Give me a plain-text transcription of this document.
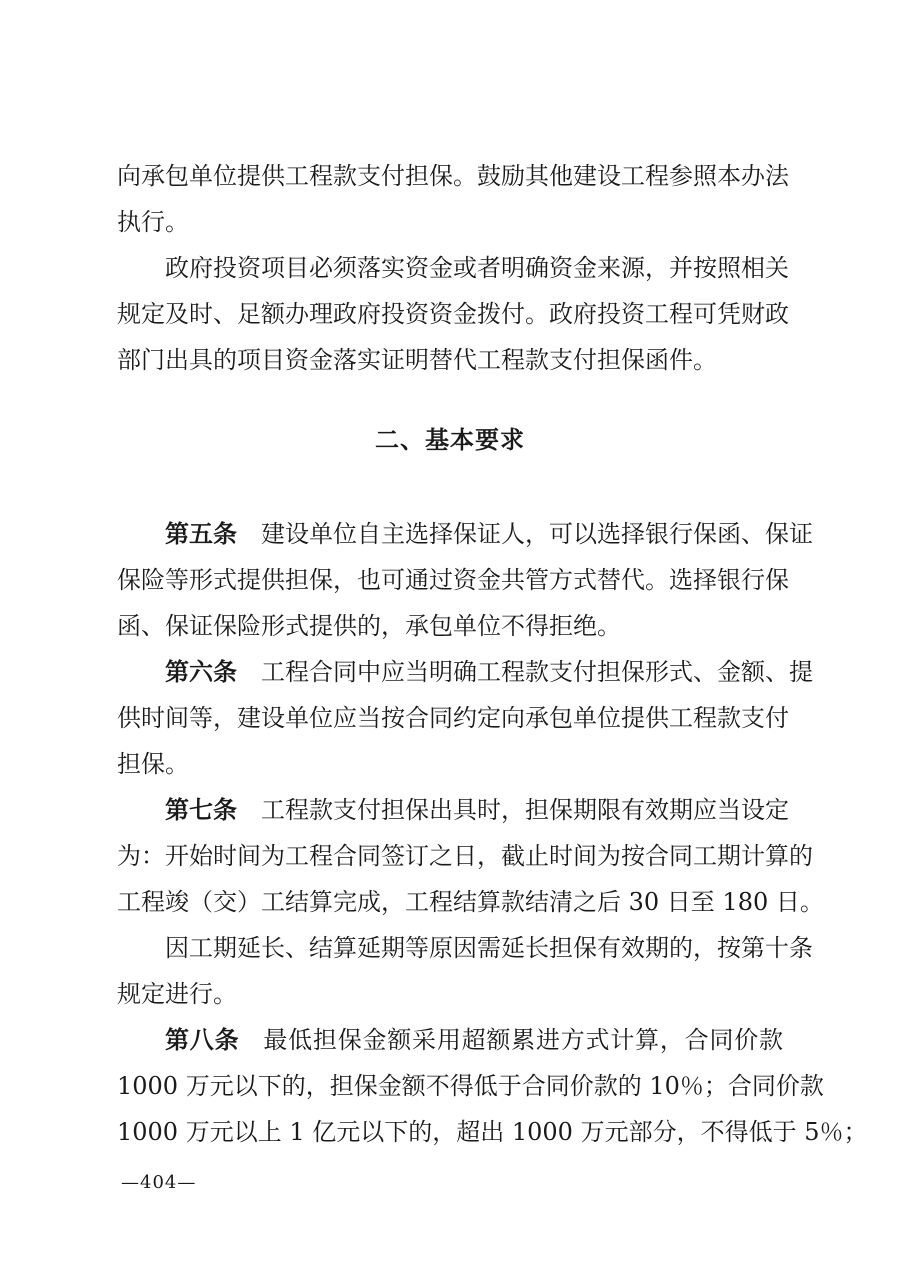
向承包单位提供工程款支付担保。鼓励其他建设工程参照本办法
执行。
政府投资项目必须落实资金或者明确资金来源，并按照相关
规定及时、足额办理政府投资资金拨付。政府投资工程可凭财政
部门出具的项目资金落实证明替代工程款支付担保函件。
二、基本要求
第五条 建设单位自主选择保证人，可以选择银行保函、保证
保险等形式提供担保，也可通过资金共管方式替代。选择银行保
函、保证保险形式提供的，承包单位不得拒绝。
第六条 工程合同中应当明确工程款支付担保形式、金额、提
供时间等，建设单位应当按合同约定向承包单位提供工程款支付
担保。
第七条 工程款支付担保出具时，担保期限有效期应当设定
为：开始时间为工程合同签订之日，截止时间为按合同工期计算的
工程竣（交）工结算完成，工程结算款结清之后 30 日至 180 日。
因工期延长、结算延期等原因需延长担保有效期的，按第十条
规定进行。
第八条 最低担保金额采用超额累进方式计算，合同价款
1000 万元以下的，担保金额不得低于合同价款的 10％；合同价款
1000 万元以上 1 亿元以下的，超出 1000 万元部分，不得低于 5％；
—404—
